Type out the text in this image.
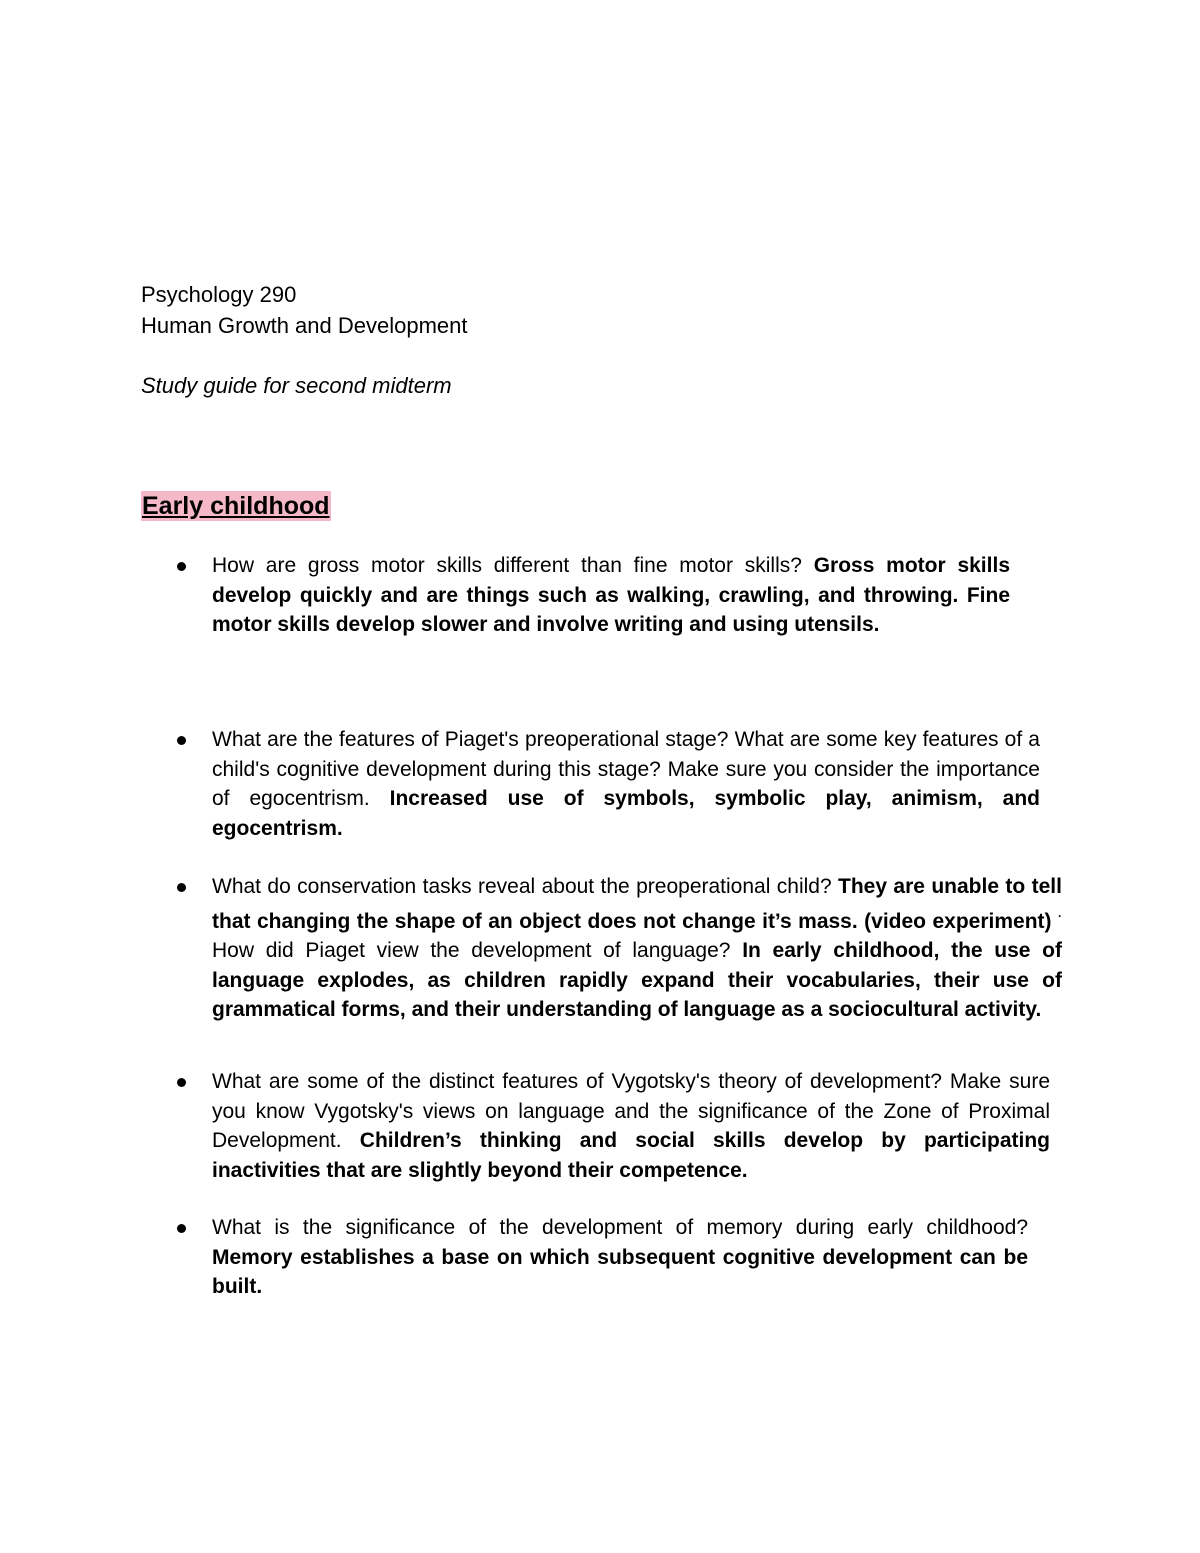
Psychology 290
Human Growth and Development
Study guide for second midterm
Early childhood
How are gross motor skills different than fine motor skills? Gross motor skills develop quickly and are things such as walking, crawling, and throwing. Fine motor skills develop slower and involve writing and using utensils.
What are the features of Piaget's preoperational stage? What are some key features of a child's cognitive development during this stage? Make sure you consider the importance of egocentrism. Increased use of symbols, symbolic play, animism, and egocentrism.
What do conservation tasks reveal about the preoperational child? They are unable to tell that changing the shape of an object does not change it’s mass. (video experiment) · How did Piaget view the development of language? In early childhood, the use of language explodes, as children rapidly expand their vocabularies, their use of grammatical forms, and their understanding of language as a sociocultural activity.
What are some of the distinct features of Vygotsky's theory of development? Make sure you know Vygotsky's views on language and the significance of the Zone of Proximal Development. Children’s thinking and social skills develop by participating inactivities that are slightly beyond their competence.
What is the significance of the development of memory during early childhood? Memory establishes a base on which subsequent cognitive development can be built.
